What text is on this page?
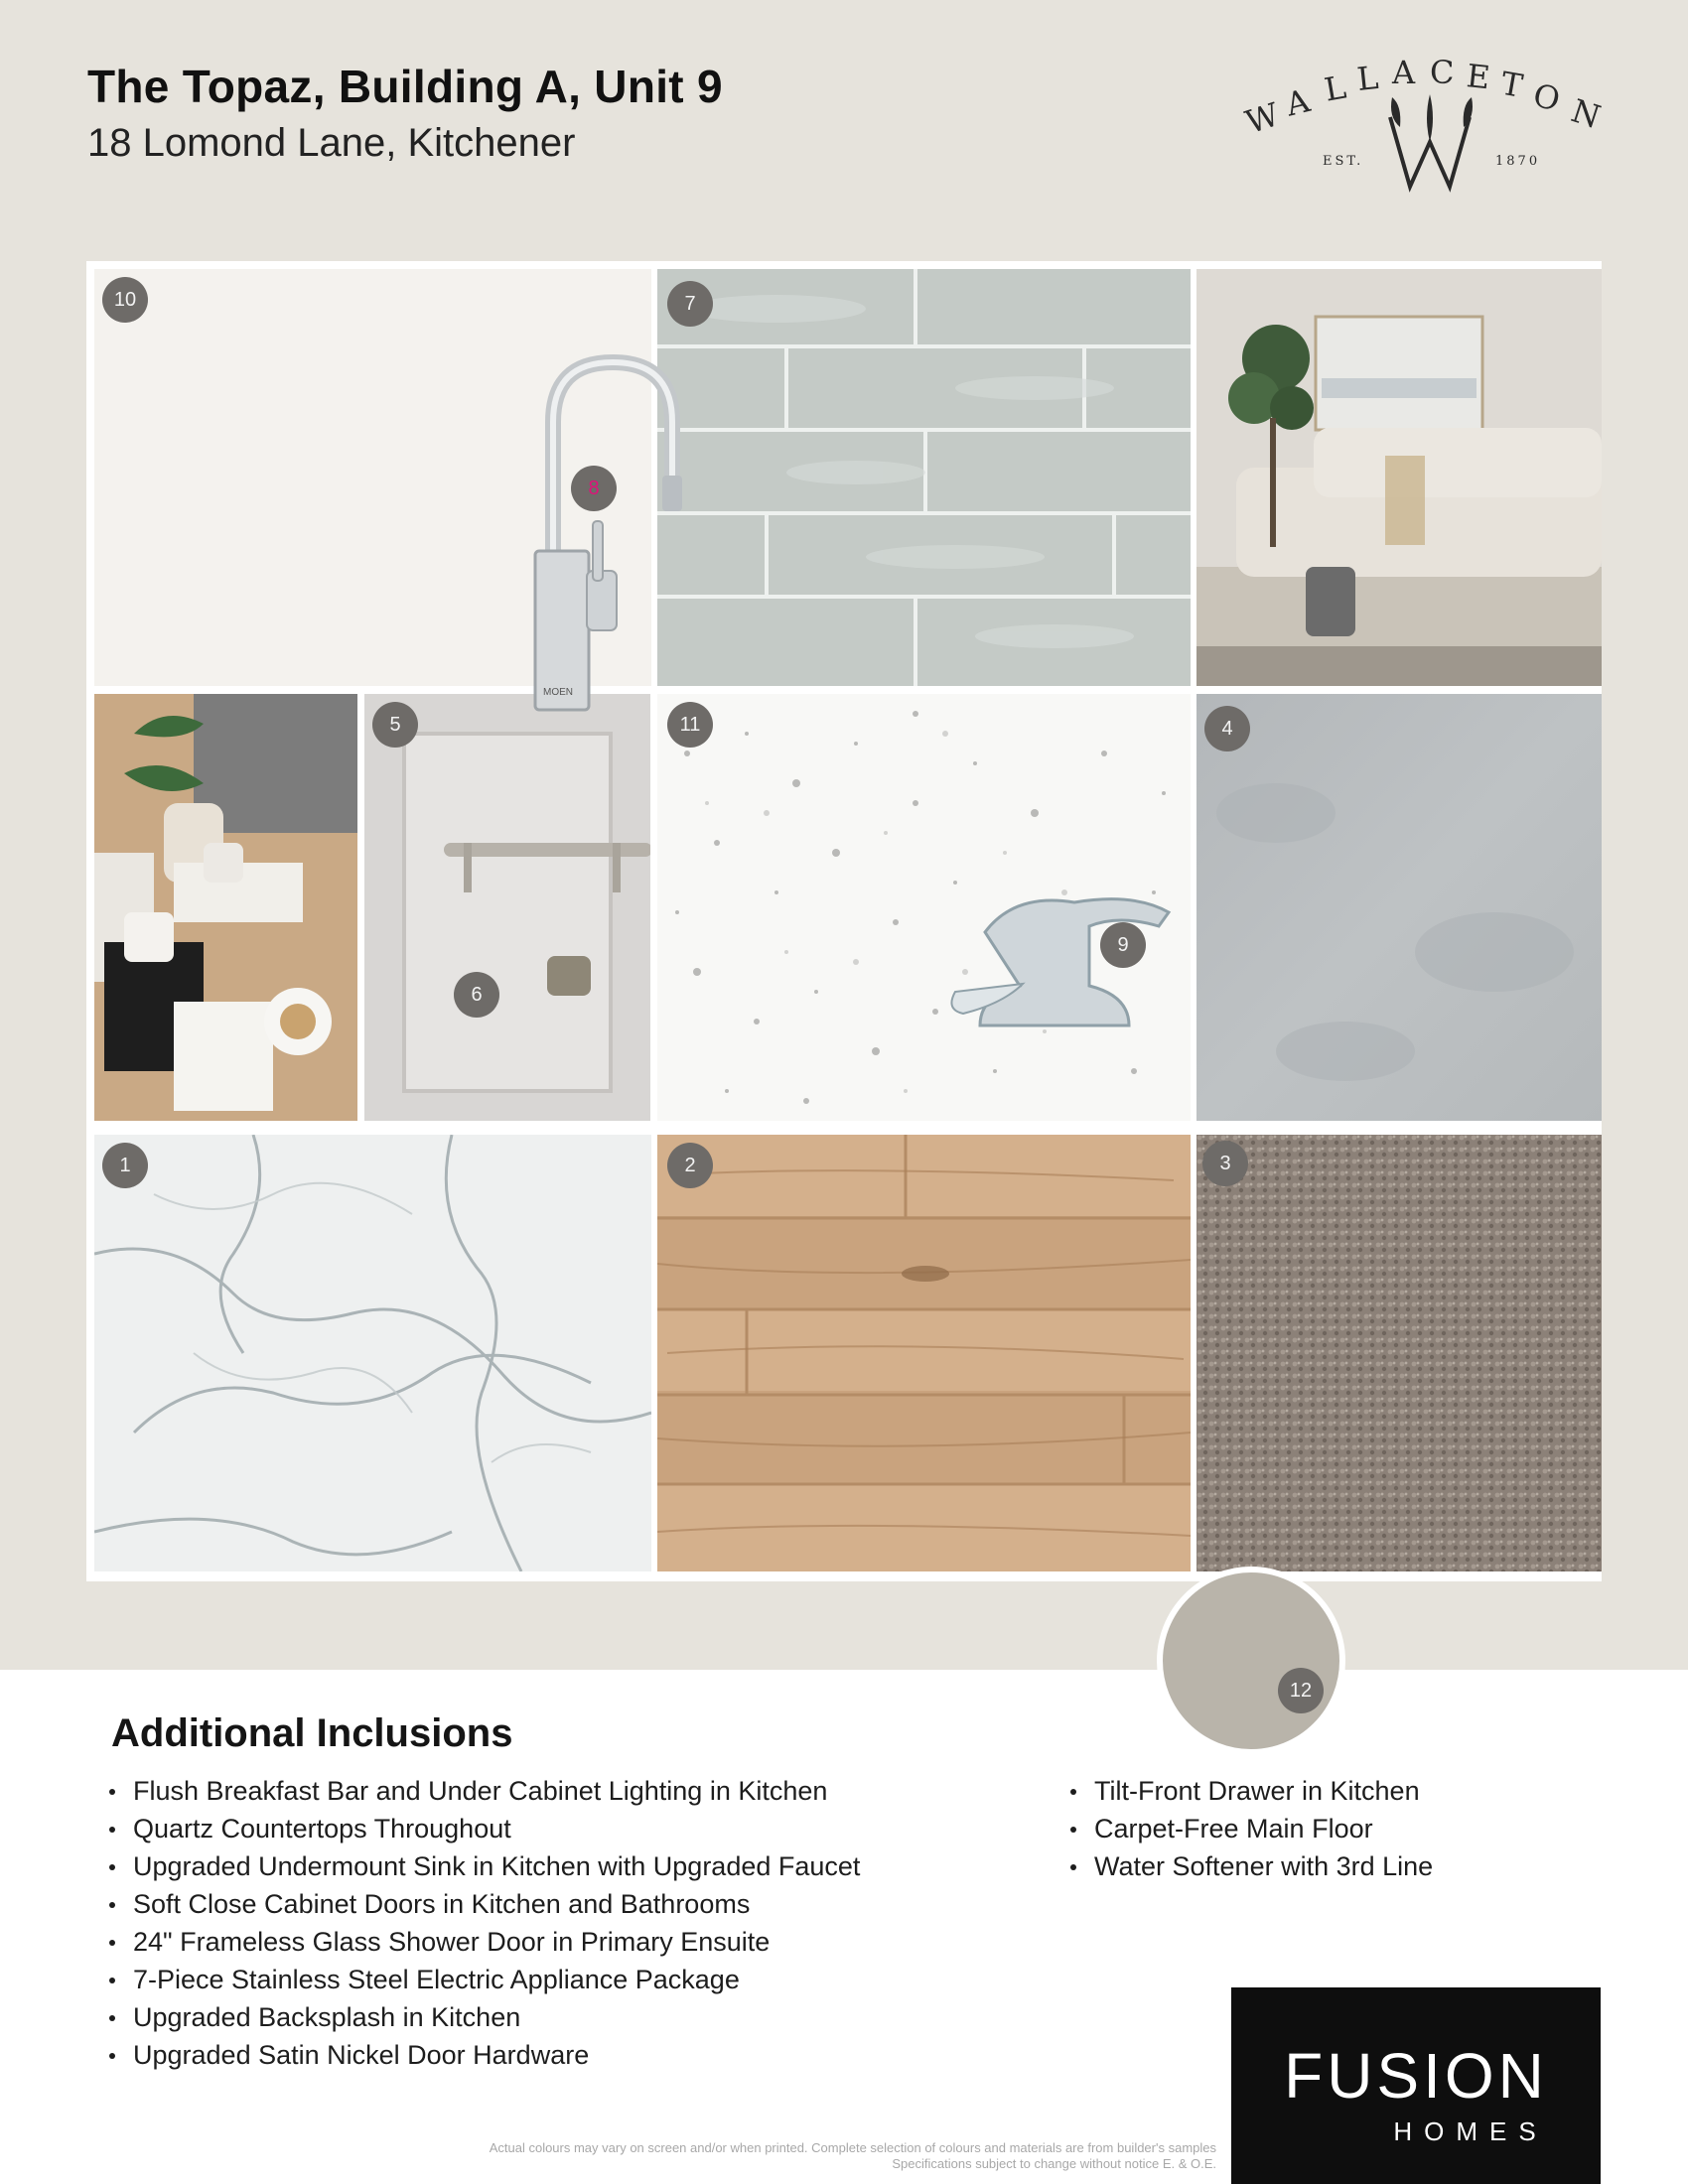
The Topaz, Building A, Unit 9
18 Lomond Lane, Kitchener
W
A L L A C E T O N
EST.	1870
10	7
5
6
11
9
4
1	2	3
12
MOEN
8
Additional Inclusions
Flush Breakfast Bar and Under Cabinet Lighting in Kitchen
Quartz Countertops Throughout
Upgraded Undermount Sink in Kitchen with Upgraded Faucet
Soft Close Cabinet Doors in Kitchen and Bathrooms
24" Frameless Glass Shower Door in Primary Ensuite
7-Piece Stainless Steel Electric Appliance Package
Upgraded Backsplash in Kitchen
Upgraded Satin Nickel Door Hardware
Tilt-Front Drawer in Kitchen
Carpet-Free Main Floor
Water Softener with 3rd Line
Actual colours may vary on screen and/or when printed. Complete selection of colours and materials are from builder's samples
Specifications subject to change without notice E. & O.E.
FUSION
HOMES
